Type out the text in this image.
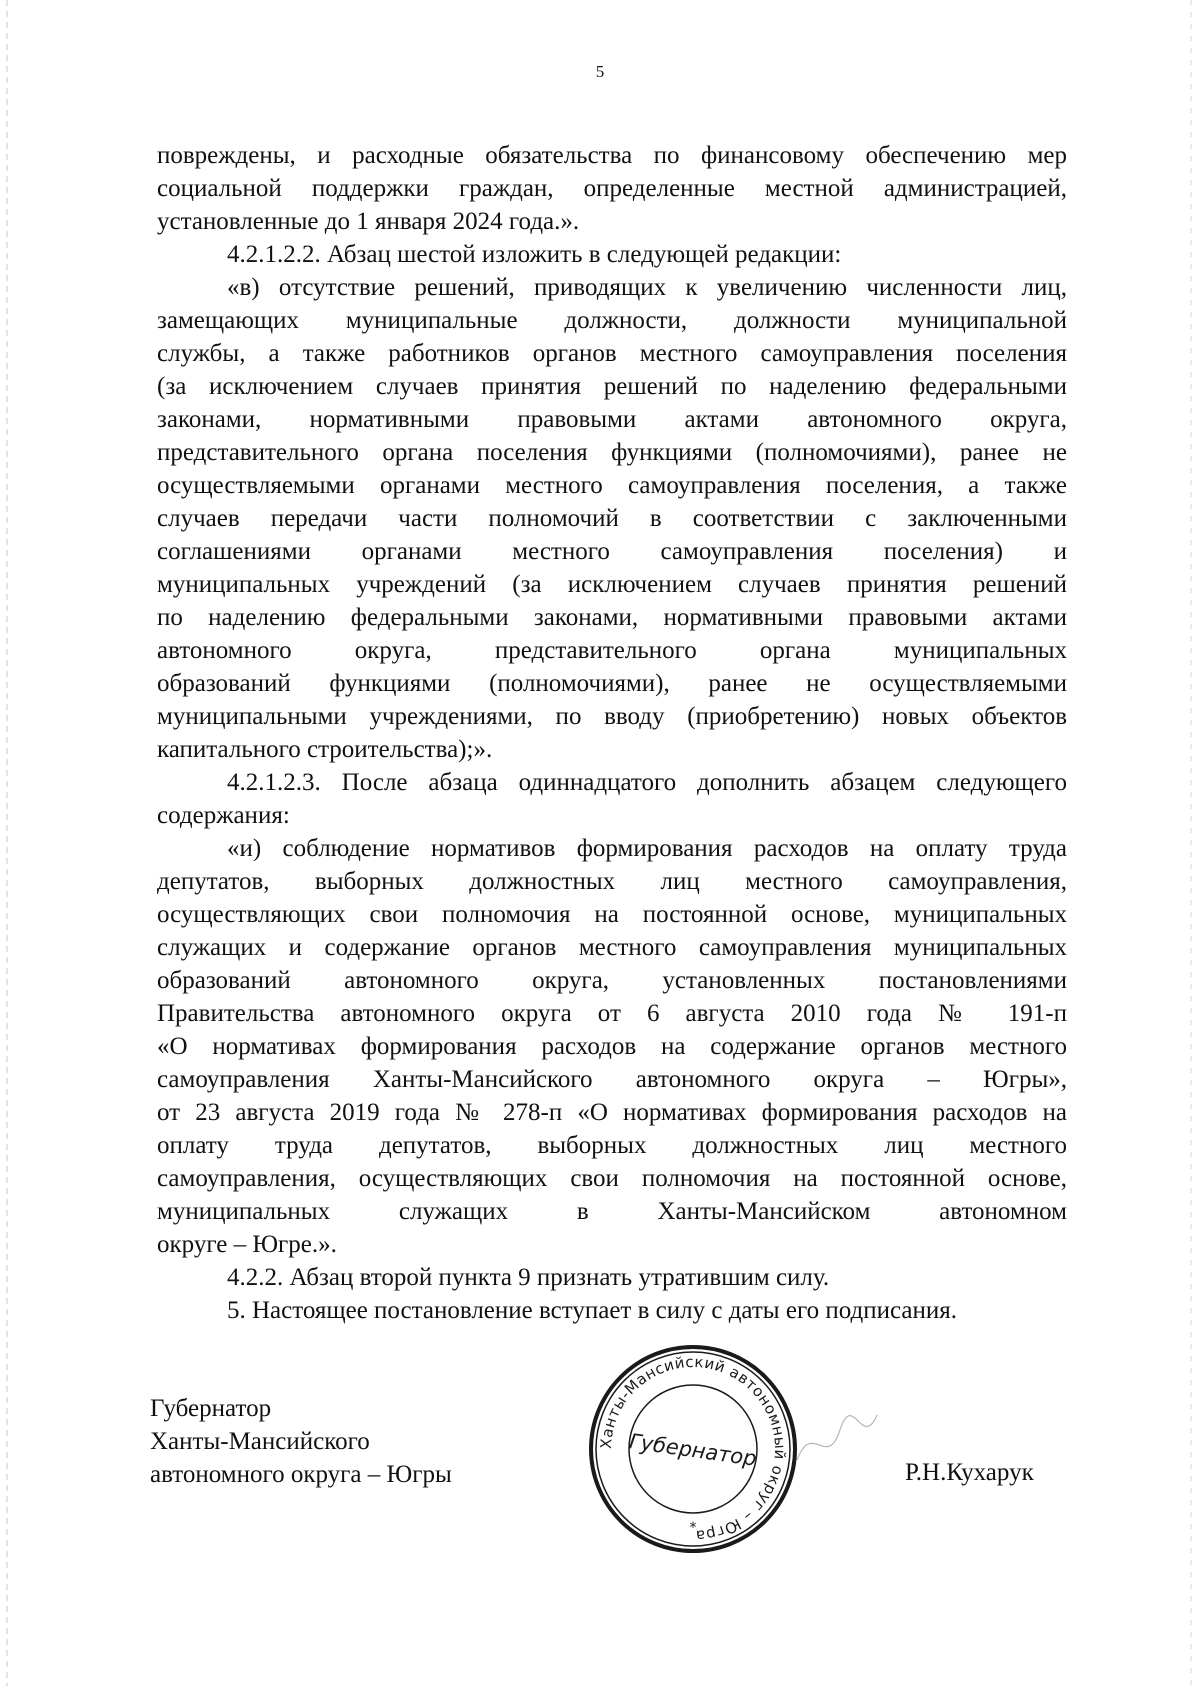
5
повреждены, и расходные обязательства по финансовому обеспечению мер
социальной поддержки граждан, определенные местной администрацией,
установленные до 1 января 2024 года.».
4.2.1.2.2. Абзац шестой изложить в следующей редакции:
«в) отсутствие решений, приводящих к увеличению численности лиц,
замещающих муниципальные должности, должности муниципальной
службы, а также работников органов местного самоуправления поселения
(за исключением случаев принятия решений по наделению федеральными
законами, нормативными правовыми актами автономного округа,
представительного органа поселения функциями (полномочиями), ранее не
осуществляемыми органами местного самоуправления поселения, а также
случаев передачи части полномочий в соответствии с заключенными
соглашениями органами местного самоуправления поселения) и
муниципальных учреждений (за исключением случаев принятия решений
по наделению федеральными законами, нормативными правовыми актами
автономного округа, представительного органа муниципальных
образований функциями (полномочиями), ранее не осуществляемыми
муниципальными учреждениями, по вводу (приобретению) новых объектов
капитального строительства);».
4.2.1.2.3. После абзаца одиннадцатого дополнить абзацем следующего
содержания:
«и) соблюдение нормативов формирования расходов на оплату труда
депутатов, выборных должностных лиц местного самоуправления,
осуществляющих свои полномочия на постоянной основе, муниципальных
служащих и содержание органов местного самоуправления муниципальных
образований автономного округа, установленных постановлениями
Правительства автономного округа от 6 августа 2010 года № 191-п
«О нормативах формирования расходов на содержание органов местного
самоуправления Ханты-Мансийского автономного округа – Югры»,
от 23 августа 2019 года № 278-п «О нормативах формирования расходов на
оплату труда депутатов, выборных должностных лиц местного
самоуправления, осуществляющих свои полномочия на постоянной основе,
муниципальных служащих в Ханты-Мансийском автономном
округе – Югре.».
4.2.2. Абзац второй пункта 9 признать утратившим силу.
5. Настоящее постановление вступает в силу с даты его подписания.
Губернатор
Ханты-Мансийского
автономного округа – Югры
Ханты-Мансийский автономный округ – Югра
Губернатор
*
Р.Н.Кухарук
